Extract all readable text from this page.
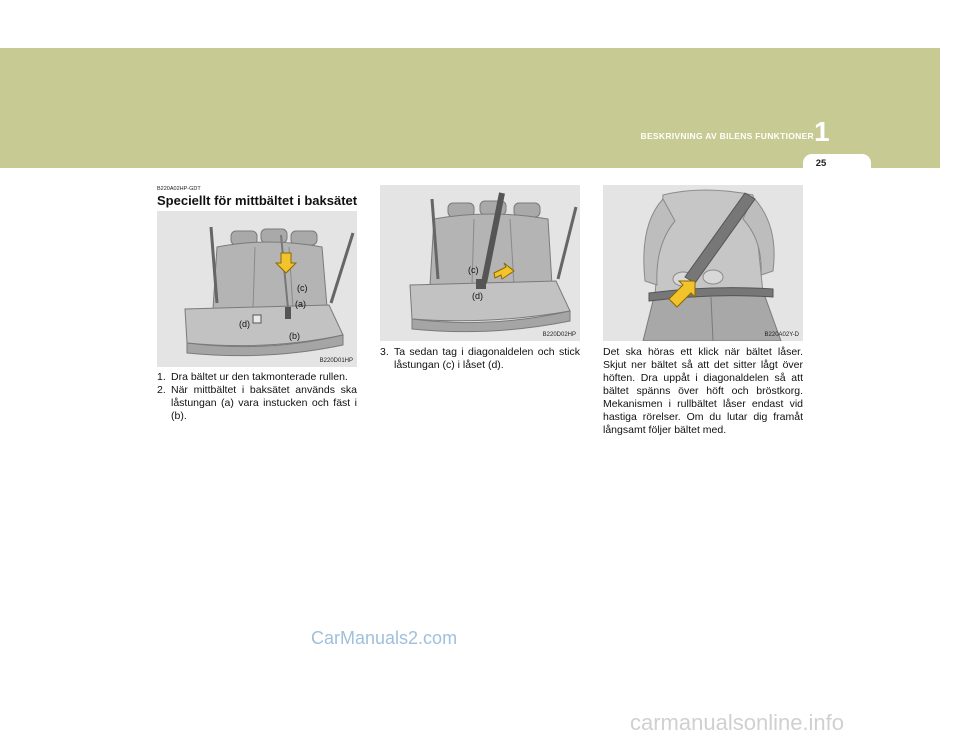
BESKRIVNING AV BILENS FUNKTIONER 1
25
B220A02HP-GDT
Speciellt för mittbältet i baksätet
(c)
(a)
(d)
(b)
B220D01HP
1. Dra bältet ur den takmonterade rullen.
2. När mittbältet i baksätet används ska låstungan (a) vara instucken och fäst i (b).
(c)
(d)
B220D02HP
3. Ta sedan tag i diagonaldelen och stick låstungan (c) i låset (d).
B220A02Y-D

Det ska höras ett klick när bältet låser. Skjut ner bältet så att det sitter lågt över höften. Dra uppåt i diagonaldelen så att bältet spänns över höft och bröstkorg. Mekanismen i rullbältet låser endast vid hastiga rörelser. Om du lutar dig framåt långsamt följer bältet med.

CarManuals2.com
carmanualsonline.info
